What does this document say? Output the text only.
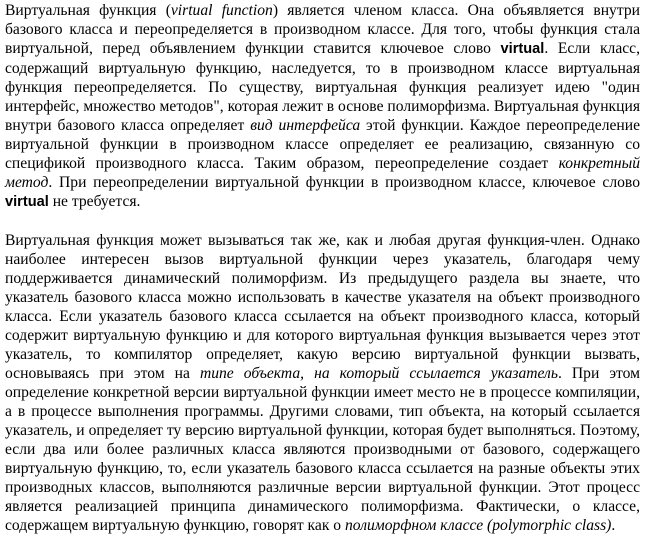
Виртуальная функция (virtual function) является членом класса. Она объявляется внутри базового класса и переопределяется в производном классе. Для того, чтобы функция стала виртуальной, перед объявлением функции ставится ключевое слово virtual. Если класс, содержащий виртуальную функцию, наследуется, то в производном классе виртуальная функция переопределяется. По существу, виртуальная функция реализует идею "один интерфейс, множество методов", которая лежит в основе полиморфизма. Виртуальная функция внутри базового класса определяет вид интерфейса этой функции. Каждое переопределение виртуальной функции в производном классе определяет ее реализацию, связанную со спецификой производного класса. Таким образом, переопределение создает конкретный метод. При переопределении виртуальной функции в производном классе, ключевое слово virtual не требуется.

Виртуальная функция может вызываться так же, как и любая другая функция-член. Однако наиболее интересен вызов виртуальной функции через указатель, благодаря чему поддерживается динамический полиморфизм. Из предыдущего раздела вы знаете, что указатель базового класса можно использовать в качестве указателя на объект производного класса. Если указатель базового класса ссылается на объект производного класса, который содержит виртуальную функцию и для которого виртуальная функция вызывается через этот указатель, то компилятор определяет, какую версию виртуальной функции вызвать, основываясь при этом на типе объекта, на который ссылается указатель. При этом определение конкретной версии виртуальной функции имеет место не в процессе компиляции, а в процессе выполнения программы. Другими словами, тип объекта, на который ссылается указатель, и определяет ту версию виртуальной функции, которая будет выполняться. Поэтому, если два или более различных класса являются производными от базового, содержащего виртуальную функцию, то, если указатель базового класса ссылается на разные объекты этих производных классов, выполняются различные версии виртуальной функции. Этот процесс является реализацией принципа динамического полиморфизма. Фактически, о классе, содержащем виртуальную функцию, говорят как о полиморфном классе (polymorphic class).
